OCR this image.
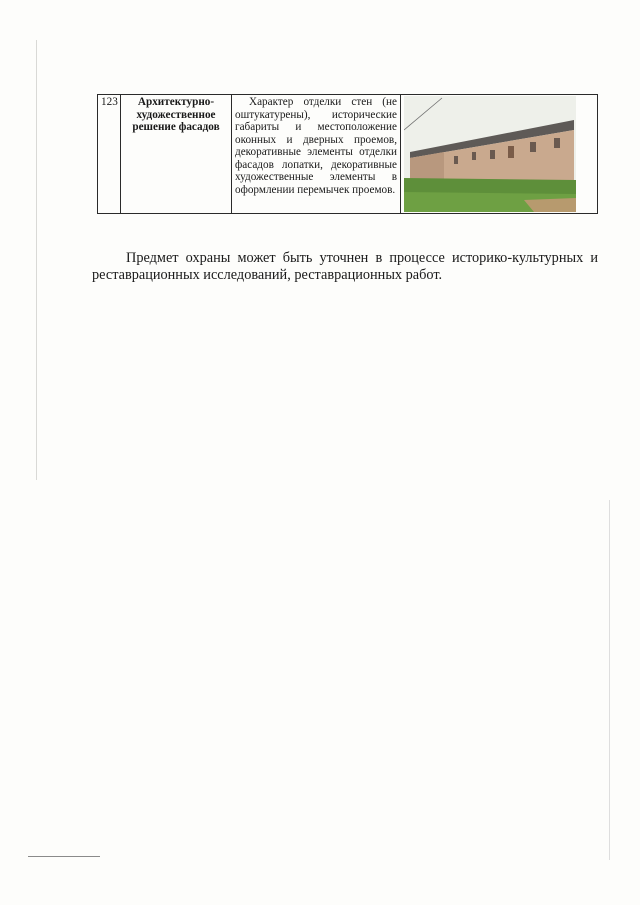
123	Архитектурно-художественное решение фасадов	Характер отделки стен (не оштукатурены), исторические габариты и местоположение оконных и дверных проемов, декоративные элементы отделки фасадов лопатки, декоративные художественные элементы в оформлении перемычек проемов.	

Предмет охраны может быть уточнен в процессе историко-культурных и реставрационных исследований, реставрационных работ.
